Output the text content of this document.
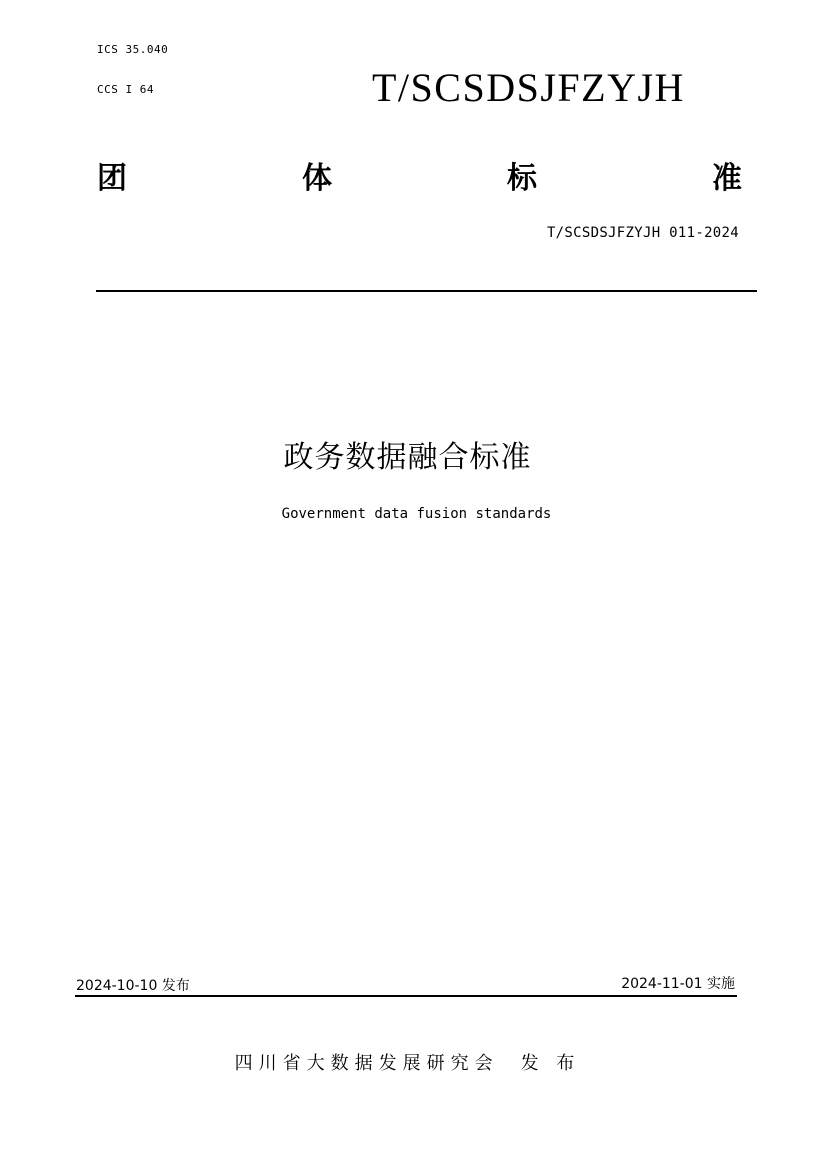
ICS 35.040
CCS I 64	T/SCSDSJFZYJH
团	体	标	准
T/SCSDSJFZYJH 011-2024
政务数据融合标准
Government data fusion standards
2024-10-10 发布	2024-11-01 实施
四川省大数据发展研究会 发 布
